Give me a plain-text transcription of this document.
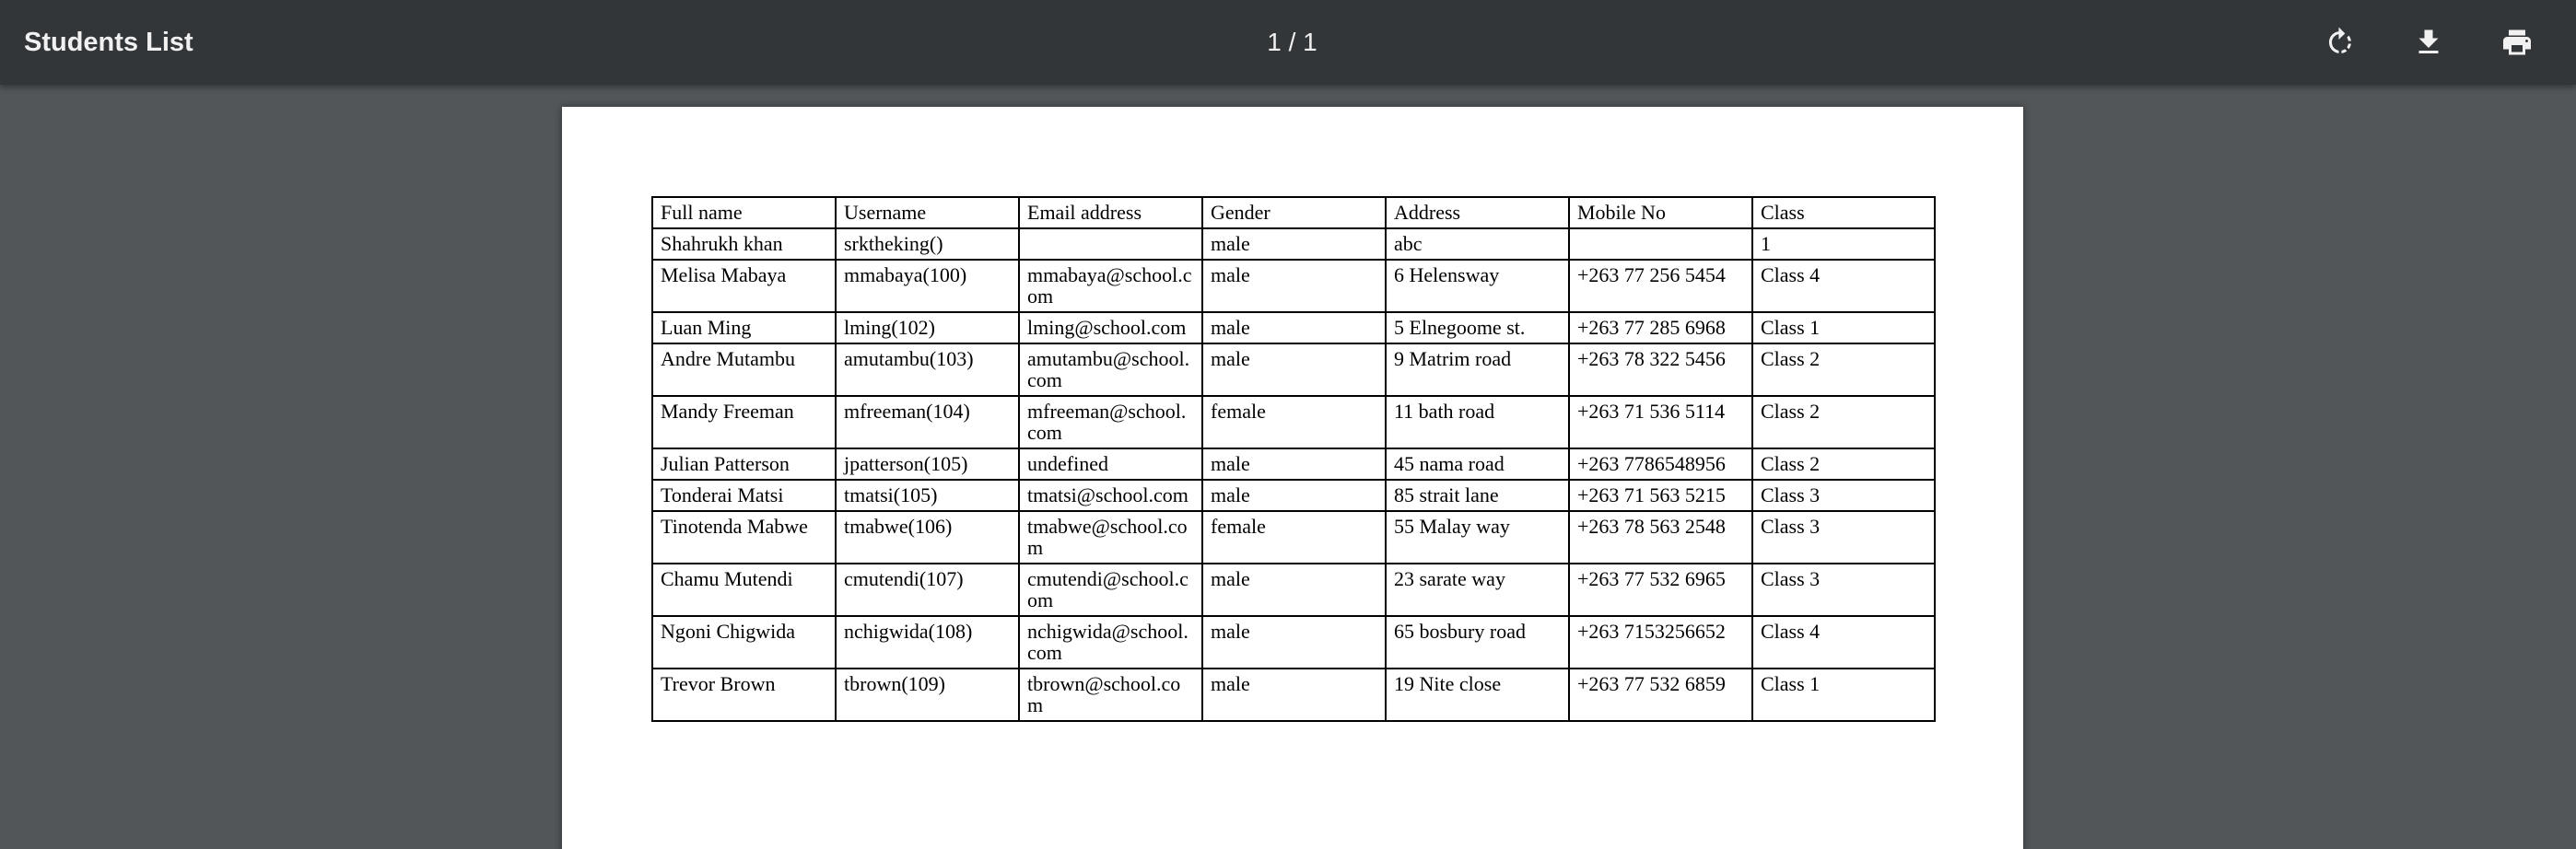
Students List	1 / 1
Full name	Username	Email address	Gender	Address	Mobile No	Class
Shahrukh khan	srktheking()		male	abc		1
Melisa Mabaya	mmabaya(100)	mmabaya@school.com	male	6 Helensway	+263 77 256 5454	Class 4
Luan Ming	lming(102)	lming@school.com	male	5 Elnegoome st.	+263 77 285 6968	Class 1
Andre Mutambu	amutambu(103)	amutambu@school.com	male	9 Matrim road	+263 78 322 5456	Class 2
Mandy Freeman	mfreeman(104)	mfreeman@school.com	female	11 bath road	+263 71 536 5114	Class 2
Julian Patterson	jpatterson(105)	undefined	male	45 nama road	+263 7786548956	Class 2
Tonderai Matsi	tmatsi(105)	tmatsi@school.com	male	85 strait lane	+263 71 563 5215	Class 3
Tinotenda Mabwe	tmabwe(106)	tmabwe@school.com	female	55 Malay way	+263 78 563 2548	Class 3
Chamu Mutendi	cmutendi(107)	cmutendi@school.com	male	23 sarate way	+263 77 532 6965	Class 3
Ngoni Chigwida	nchigwida(108)	nchigwida@school.com	male	65 bosbury road	+263 7153256652	Class 4
Trevor Brown	tbrown(109)	tbrown@school.com	male	19 Nite close	+263 77 532 6859	Class 1
